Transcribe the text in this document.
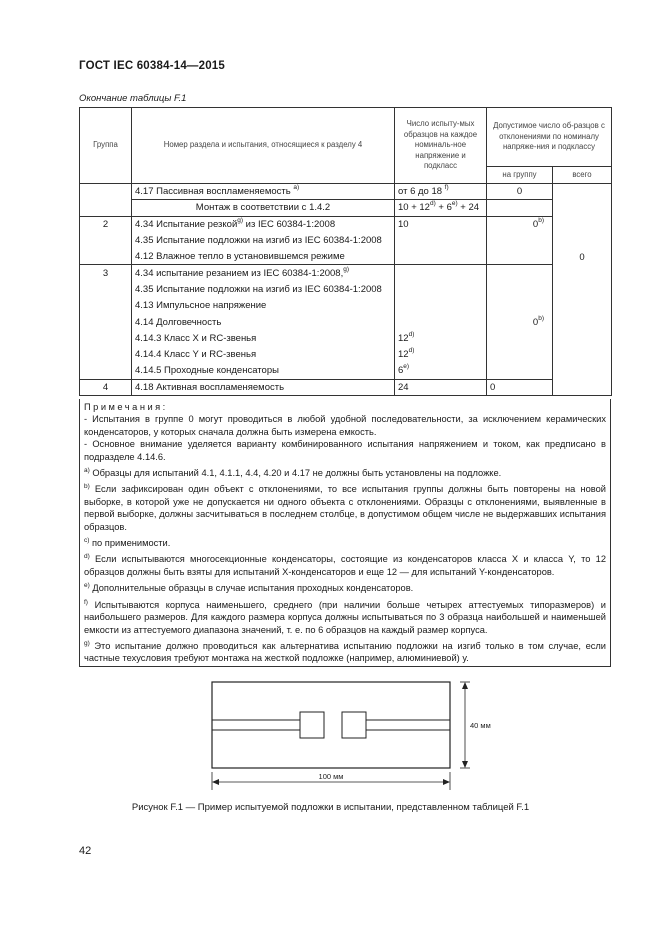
ГОСТ IEC 60384-14—2015
Окончание таблицы F.1
Группа	Номер раздела и испытания, относящиеся к разделу 4	Число испыту-мых образцов на каждое номиналь-ное напряжение и подкласс	Допустимое число об-разцов с отклонениями по номиналу напряже-ния и подклассу	
			на группу	всего
	4.17 Пассивная воспламеняемость $^{a)}$	от 6 до 18 $^{f)}$	0	0
	Монтаж в соответствии с 1.4.2	$10 + 12^{d)} + 6^{e)} + 24$		
2	4.34 Испытание резкой$^{g)}$ из IEC 60384-1:2008	10	0$^{b)}$
	4.35 Испытание подложки на изгиб из IEC 60384-1:2008			
	4.12 Влажное тепло в установившемся режиме			
3	4.34 испытание резанием из IEC 60384-1:2008,$^{g)}$		
	4.35 Испытание подложки на изгиб из IEC 60384-1:2008			
	4.13 Импульсное напряжение			
	4.14 Долговечность		0$^{b)}$
	4.14.3 Класс X и RC-звенья	12$^{d)}$	
	4.14.4 Класс Y и RC-звенья	12$^{d)}$	
	4.14.5 Проходные конденсаторы	6$^{e)}$	
4	4.18 Активная воспламеняемость	24	0	

Примечания:

- Испытания в группе 0 могут проводиться в любой удобной последовательности, за исключением керамических конденсаторов, у которых сначала должна быть измерена емкость.

- Основное внимание уделяется варианту комбинированного испытания напряжением и током, как предписано в подразделе 4.14.6.

$^{a)}$ Образцы для испытаний 4.1, 4.1.1, 4.4, 4.20 и 4.17 не должны быть установлены на подложке.

$^{b)}$ Если зафиксирован один объект с отклонениями, то все испытания группы должны быть повторены на новой выборке, в которой уже не допускается ни одного объекта с отклонениями. Образцы с отклонениями, выявленные в первой выборке, должны засчитываться в последнем столбце, в допустимом общем числе не выдержавших испытания образцов.

$^{c)}$ по применимости.

$^{d)}$ Если испытываются многосекционные конденсаторы, состоящие из конденсаторов класса X и класса Y, то 12 образцов должны быть взяты для испытаний X-конденсаторов и еще 12 — для испытаний Y-конденсаторов.

$^{e)}$ Дополнительные образцы в случае испытания проходных конденсаторов.

$^{f)}$ Испытываются корпуса наименьшего, среднего (при наличии больше четырех аттестуемых типоразмеров) и наибольшего размеров. Для каждого размера корпуса должны испытываться по 3 образца наибольшей и наименьшей емкости из аттестуемого диапазона значений, т. е. по 6 образцов на каждый размер корпуса.

$^{g)}$ Это испытание должно проводиться как альтернатива испытанию подложки на изгиб только в том случае, если частные техусловия требуют монтажа на жесткой подложке (например, алюминиевой) у.

40 мм
100 мм
Рисунок F.1 — Пример испытуемой подложки в испытании, представленном таблицей F.1
42
